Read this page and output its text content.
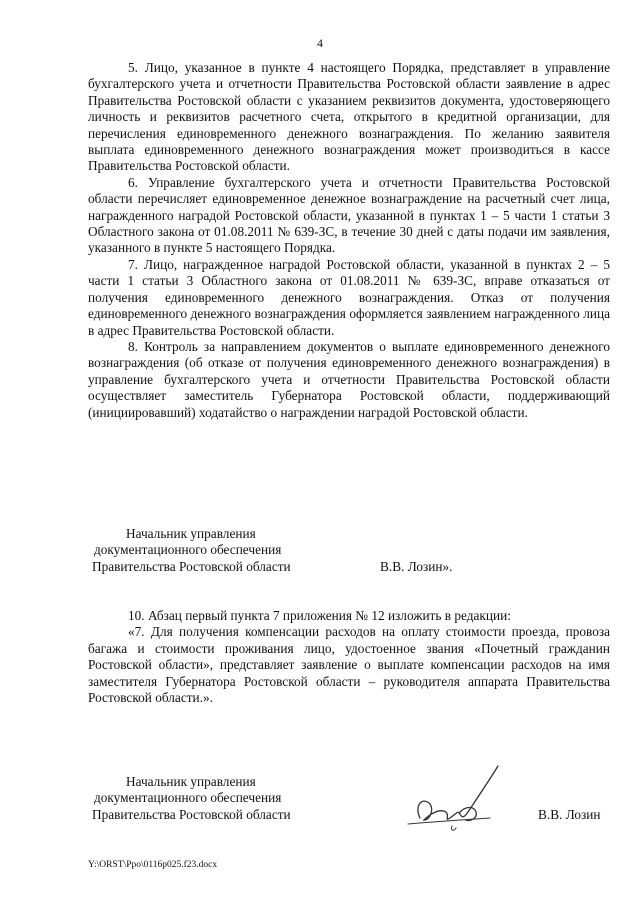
4

5. Лицо, указанное в пункте 4 настоящего Порядка, представляет в управление бухгалтерского учета и отчетности Правительства Ростовской области заявление в адрес Правительства Ростовской области с указанием реквизитов документа, удостоверяющего личность и реквизитов расчетного счета, открытого в кредитной организации, для перечисления единовременного денежного вознаграждения. По желанию заявителя выплата единовременного денежного вознаграждения может производиться в кассе Правительства Ростовской области.

6. Управление бухгалтерского учета и отчетности Правительства Ростовской области перечисляет единовременное денежное вознаграждение на расчетный счет лица, награжденного наградой Ростовской области, указанной в пунктах 1 – 5 части 1 статьи 3 Областного закона от 01.08.2011 № 639-ЗС, в течение 30 дней с даты подачи им заявления, указанного в пункте 5 настоящего Порядка.

7. Лицо, награжденное наградой Ростовской области, указанной в пунктах 2 – 5 части 1 статьи 3 Областного закона от 01.08.2011 № 639-ЗС, вправе отказаться от получения единовременного денежного вознаграждения. Отказ от получения единовременного денежного вознаграждения оформляется заявлением награжденного лица в адрес Правительства Ростовской области.

8. Контроль за направлением документов о выплате единовременного денежного вознаграждения (об отказе от получения единовременного денежного вознаграждения) в управление бухгалтерского учета и отчетности Правительства Ростовской области осуществляет заместитель Губернатора Ростовской области, поддерживающий (инициировавший) ходатайство о награждении наградой Ростовской области.

Начальник управления
документационного обеспечения
Правительства Ростовской области	В.В. Лозин».

10. Абзац первый пункта 7 приложения № 12 изложить в редакции:

«7. Для получения компенсации расходов на оплату стоимости проезда, провоза багажа и стоимости проживания лицо, удостоенное звания «Почетный гражданин Ростовской области», представляет заявление о выплате компенсации расходов на имя заместителя Губернатора Ростовской области – руководителя аппарата Правительства Ростовской области.».

Начальник управления
документационного обеспечения
Правительства Ростовской области	В.В. Лозин
Y:\ORST\Ppo\0116p025.f23.docx
